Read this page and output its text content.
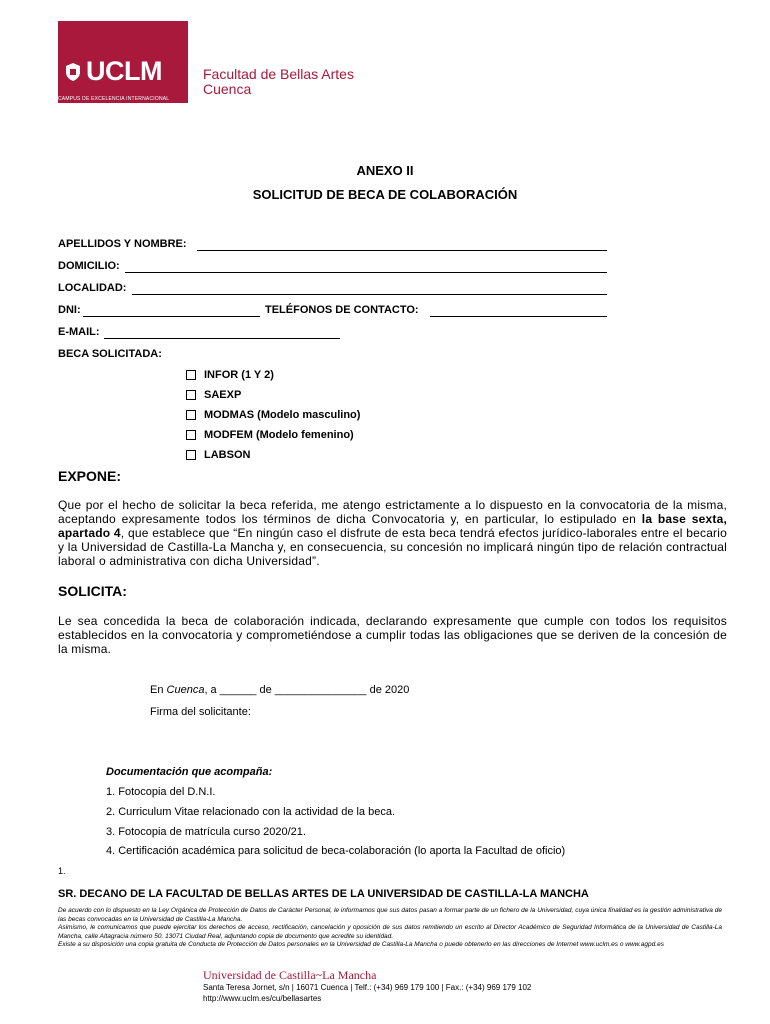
UCLM
CAMPUS DE EXCELENCIA INTERNACIONAL
Facultad de Bellas Artes
Cuenca
ANEXO II
SOLICITUD DE BECA DE COLABORACIÓN
APELLIDOS Y NOMBRE:
DOMICILIO:
LOCALIDAD:
DNI:	TELÉFONOS DE CONTACTO:
E-MAIL:
BECA SOLICITADA:
INFOR (1 Y 2)
SAEXP
MODMAS (Modelo masculino)
MODFEM (Modelo femenino)
LABSON
EXPONE:
Que por el hecho de solicitar la beca referida, me atengo estrictamente a lo dispuesto en la convocatoria de la misma, aceptando expresamente todos los términos de dicha Convocatoria y, en particular, lo estipulado en la base sexta, apartado 4, que establece que “En ningún caso el disfrute de esta beca tendrá efectos jurídico-laborales entre el becario y la Universidad de Castilla-La Mancha y, en consecuencia, su concesión no implicará ningún tipo de relación contractual laboral o administrativa con dicha Universidad”.
SOLICITA:
Le sea concedida la beca de colaboración indicada, declarando expresamente que cumple con todos los requisitos establecidos en la convocatoria y comprometiéndose a cumplir todas las obligaciones que se deriven de la concesión de la misma.
En Cuenca, a ______ de _______________ de 2020
Firma del solicitante:
Documentación que acompaña:
1. Fotocopia del D.N.I.
2. Curriculum Vitae relacionado con la actividad de la beca.
3. Fotocopia de matrícula curso 2020/21.
4. Certificación académica para solicitud de beca-colaboración (lo aporta la Facultad de oficio)
1.
SR. DECANO DE LA FACULTAD DE BELLAS ARTES DE LA UNIVERSIDAD DE CASTILLA-LA MANCHA
De acuerdo con lo dispuesto en la Ley Orgánica de Protección de Datos de Carácter Personal, le informamos que sus datos pasan a formar parte de un fichero de la Universidad, cuya única finalidad es la gestión administrativa de las becas convocadas en la Universidad de Castilla-La Mancha.
Asimismo, le comunicamos que puede ejercitar los derechos de acceso, rectificación, cancelación y oposición de sus datos remitiendo un escrito al Director Académico de Seguridad Informática de la Universidad de Castilla-La Mancha, calle Altagracia número 50. 13071 Ciudad Real, adjuntando copia de documento que acredite su identidad.
Existe a su disposición una copia gratuita de Conducta de Protección de Datos personales en la Universidad de Castilla-La Mancha o puede obtenerlo en las direcciones de Internet www.uclm.es o www.agpd.es
Universidad de Castilla~La Mancha
Santa Teresa Jornet, s/n | 16071 Cuenca | Telf.: (+34) 969 179 100 | Fax.: (+34) 969 179 102
http://www.uclm.es/cu/bellasartes
